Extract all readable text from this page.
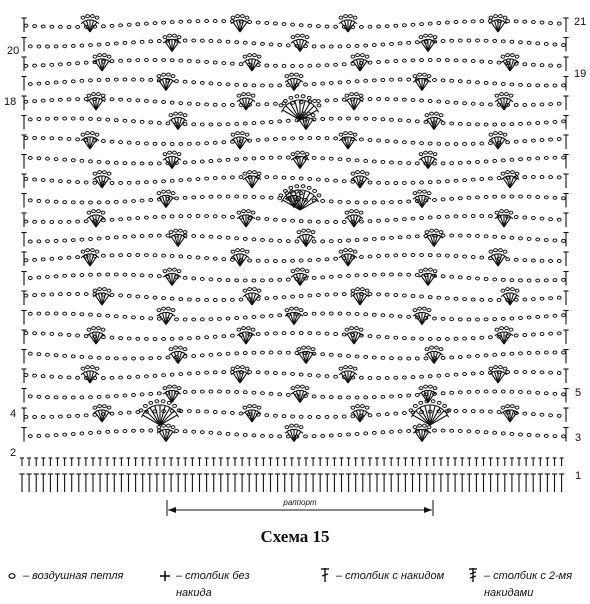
20
18
4
2
21
19
5
3
1
раппорт
Схема 15
– воздушная петля	– столбик без накида
– столбик с накидом	– столбик с 2-мя накидами
